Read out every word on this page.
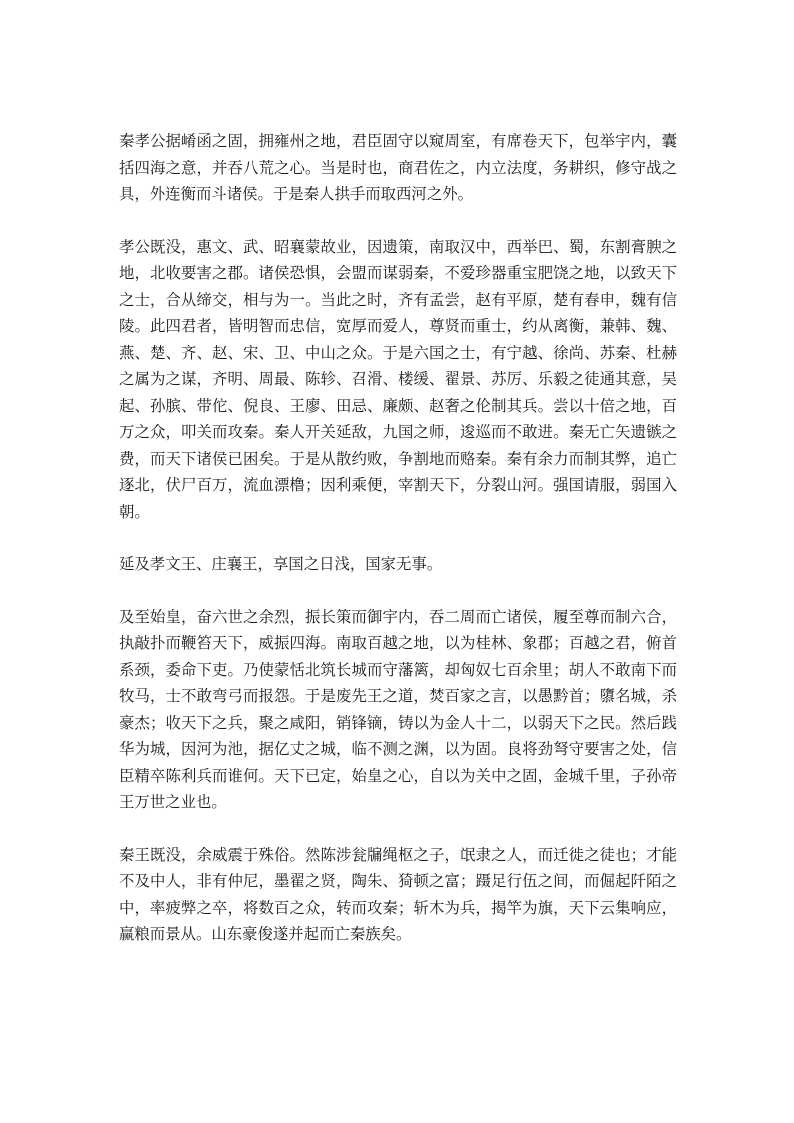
秦孝公据崤函之固，拥雍州之地，君臣固守以窥周室，有席卷天下，包举宇内，囊括四海之意，并吞八荒之心。当是时也，商君佐之，内立法度，务耕织，修守战之具，外连衡而斗诸侯。于是秦人拱手而取西河之外。

孝公既没，惠文、武、昭襄蒙故业，因遗策，南取汉中，西举巴、蜀，东割膏腴之地，北收要害之郡。诸侯恐惧，会盟而谋弱秦，不爱珍器重宝肥饶之地，以致天下之士，合从缔交，相与为一。当此之时，齐有孟尝，赵有平原，楚有春申，魏有信陵。此四君者，皆明智而忠信，宽厚而爱人，尊贤而重士，约从离衡，兼韩、魏、燕、楚、齐、赵、宋、卫、中山之众。于是六国之士，有宁越、徐尚、苏秦、杜赫之属为之谋，齐明、周最、陈轸、召滑、楼缓、翟景、苏厉、乐毅之徒通其意，吴起、孙膑、带佗、倪良、王廖、田忌、廉颇、赵奢之伦制其兵。尝以十倍之地，百万之众，叩关而攻秦。秦人开关延敌，九国之师，逡巡而不敢进。秦无亡矢遗镞之费，而天下诸侯已困矣。于是从散约败，争割地而赂秦。秦有余力而制其弊，追亡逐北，伏尸百万，流血漂橹；因利乘便，宰割天下，分裂山河。强国请服，弱国入朝。

延及孝文王、庄襄王，享国之日浅，国家无事。

及至始皇，奋六世之余烈，振长策而御宇内，吞二周而亡诸侯，履至尊而制六合，执敲扑而鞭笞天下，威振四海。南取百越之地，以为桂林、象郡；百越之君，俯首系颈，委命下吏。乃使蒙恬北筑长城而守藩篱，却匈奴七百余里；胡人不敢南下而牧马，士不敢弯弓而报怨。于是废先王之道，焚百家之言，以愚黔首；隳名城，杀豪杰；收天下之兵，聚之咸阳，销锋镝，铸以为金人十二，以弱天下之民。然后践华为城，因河为池，据亿丈之城，临不测之渊，以为固。良将劲弩守要害之处，信臣精卒陈利兵而谁何。天下已定，始皇之心，自以为关中之固，金城千里，子孙帝王万世之业也。

秦王既没，余威震于殊俗。然陈涉瓮牖绳枢之子，氓隶之人，而迁徙之徒也；才能不及中人，非有仲尼，墨翟之贤，陶朱、猗顿之富；蹑足行伍之间，而倔起阡陌之中，率疲弊之卒，将数百之众，转而攻秦；斩木为兵，揭竿为旗，天下云集响应，赢粮而景从。山东豪俊遂并起而亡秦族矣。
